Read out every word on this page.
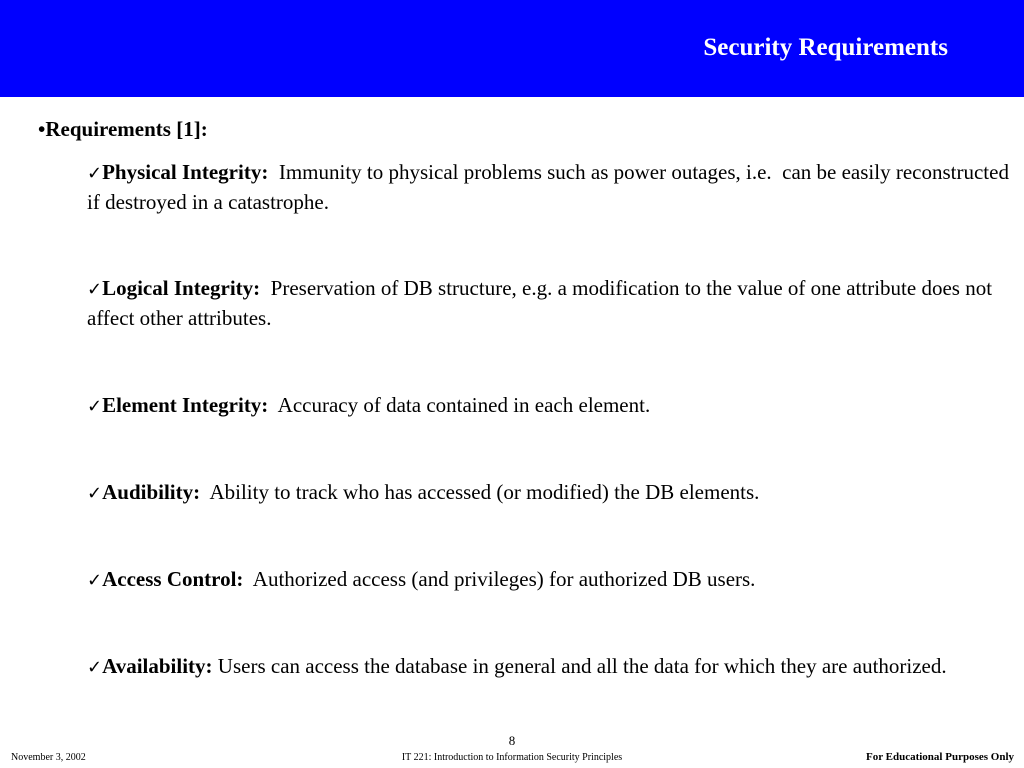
Security Requirements
•Requirements [1]:
✓Physical Integrity:  Immunity to physical problems such as power outages, i.e.  can be easily reconstructed if destroyed in a catastrophe.
✓Logical Integrity:  Preservation of DB structure, e.g. a modification to the value of one attribute does not affect other attributes.
✓Element Integrity:  Accuracy of data contained in each element.
✓Audibility:  Ability to track who has accessed (or modified) the DB elements.
✓Access Control:  Authorized access (and privileges) for authorized DB users.
✓Availability: Users can access the database in general and all the data for which they are authorized.
8
November 3, 2002	IT 221: Introduction to Information Security Principles	For Educational Purposes Only
